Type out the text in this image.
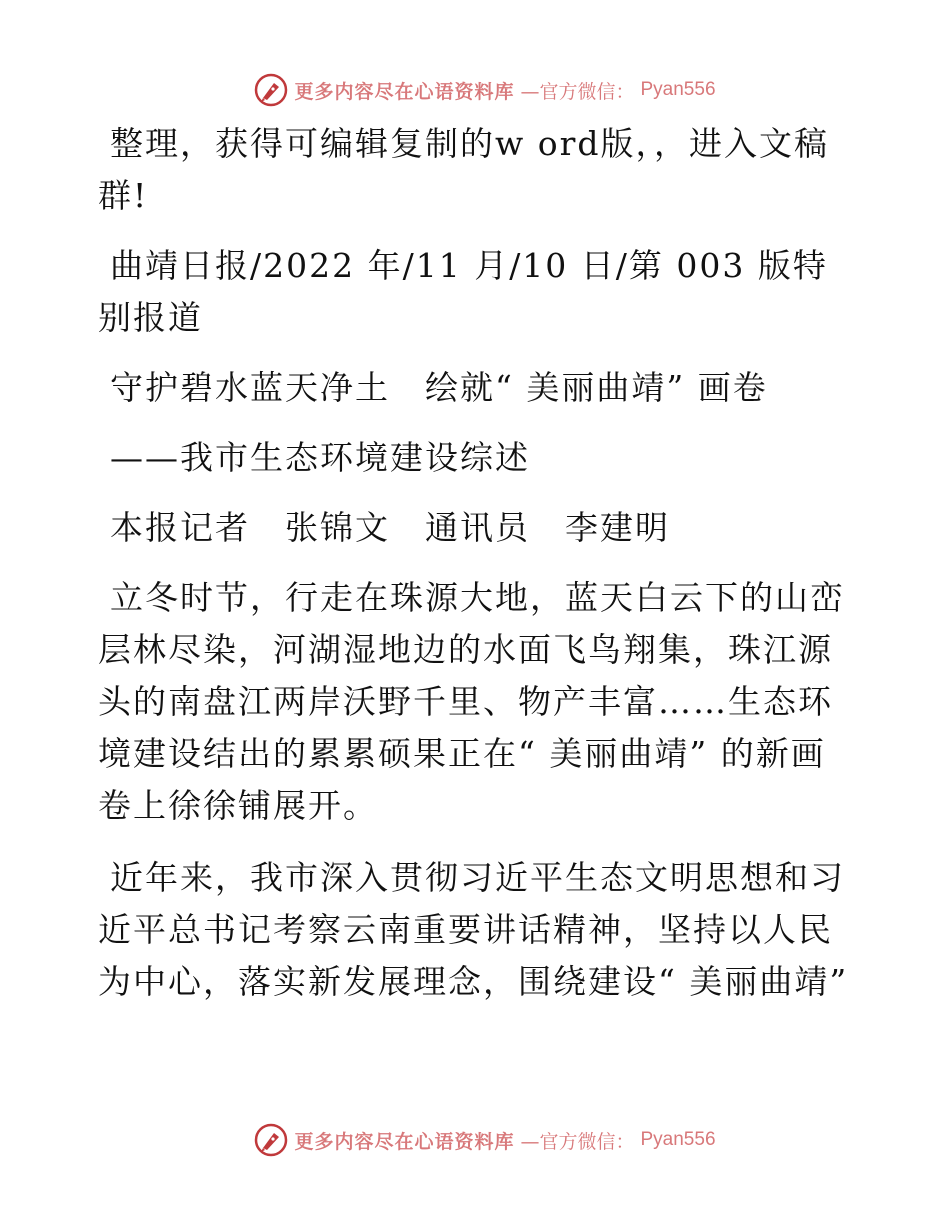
更多内容尽在心语资料库 —官方微信： Pyan556

整理，获得可编辑复制的w ord版，，进入文稿群!

曲靖日报/2022 年/11 月/10 日/第 003 版特别报道

守护碧水蓝天净土　绘就“ 美丽曲靖” 画卷

——我市生态环境建设综述

本报记者　张锦文　通讯员　李建明

立冬时节，行走在珠源大地，蓝天白云下的山峦层林尽染，河湖湿地边的水面飞鸟翔集，珠江源头的南盘江两岸沃野千里、物产丰富……生态环境建设结出的累累硕果正在“ 美丽曲靖” 的新画卷上徐徐铺展开。

近年来，我市深入贯彻习近平生态文明思想和习近平总书记考察云南重要讲话精神，坚持以人民为中心，落实新发展理念，围绕建设“ 美丽曲靖”

更多内容尽在心语资料库 —官方微信： Pyan556
